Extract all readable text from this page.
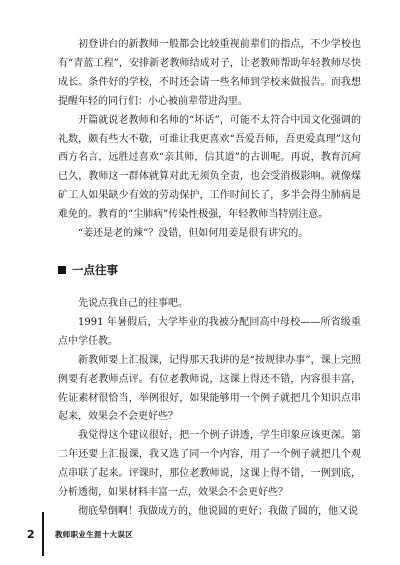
初登讲台的新教师一般都会比较重视前辈们的指点，不少学校也有“青蓝工程”，安排新老教师结成对子，让老教师帮助年轻教师尽快成长。条件好的学校，不时还会请一些名师到学校来做报告。而我想提醒年轻的同行们：小心被前辈带进沟里。

开篇就说老教师和名师的“坏话”，可能不太符合中国文化强调的礼数，颇有些大不敬，可谁让我更喜欢“吾爱吾师，吾更爱真理”这句西方名言，远胜过喜欢“亲其师，信其道”的古训呢。再说，教育沉疴已久，教师这一群体就算对此无须负全责，也会受消极影响。就像煤矿工人如果缺少有效的劳动保护，工作时间长了，多半会得尘肺病是难免的。教育的“尘肺病”传染性极强，年轻教师当特别注意。

“姜还是老的辣”？没错，但如何用姜是很有讲究的。

一点往事

先说点我自己的往事吧。

1991 年暑假后，大学毕业的我被分配回高中母校——所省级重点中学任教。

新教师要上汇报课，记得那天我讲的是“按规律办事”，课上完照例要有老教师点评。有位老教师说，这课上得还不错，内容很丰富，佐证素材很恰当，举例很好，如果能够用一个例子就把几个知识点串起来，效果会不会更好些？

我觉得这个建议很好，把一个例子讲透，学生印象应该更深。第二年还要上汇报课，我又选了同一个内容，用了一个例子就把几个观点串联了起来。评课时，那位老教师说，这课上得不错，一例到底，分析透彻，如果材料丰富一点，效果会不会更好些？

彻底晕倒啊！我做成方的，他说圆的更好；我做了圆的，他又说

2	教师职业生涯十大误区
